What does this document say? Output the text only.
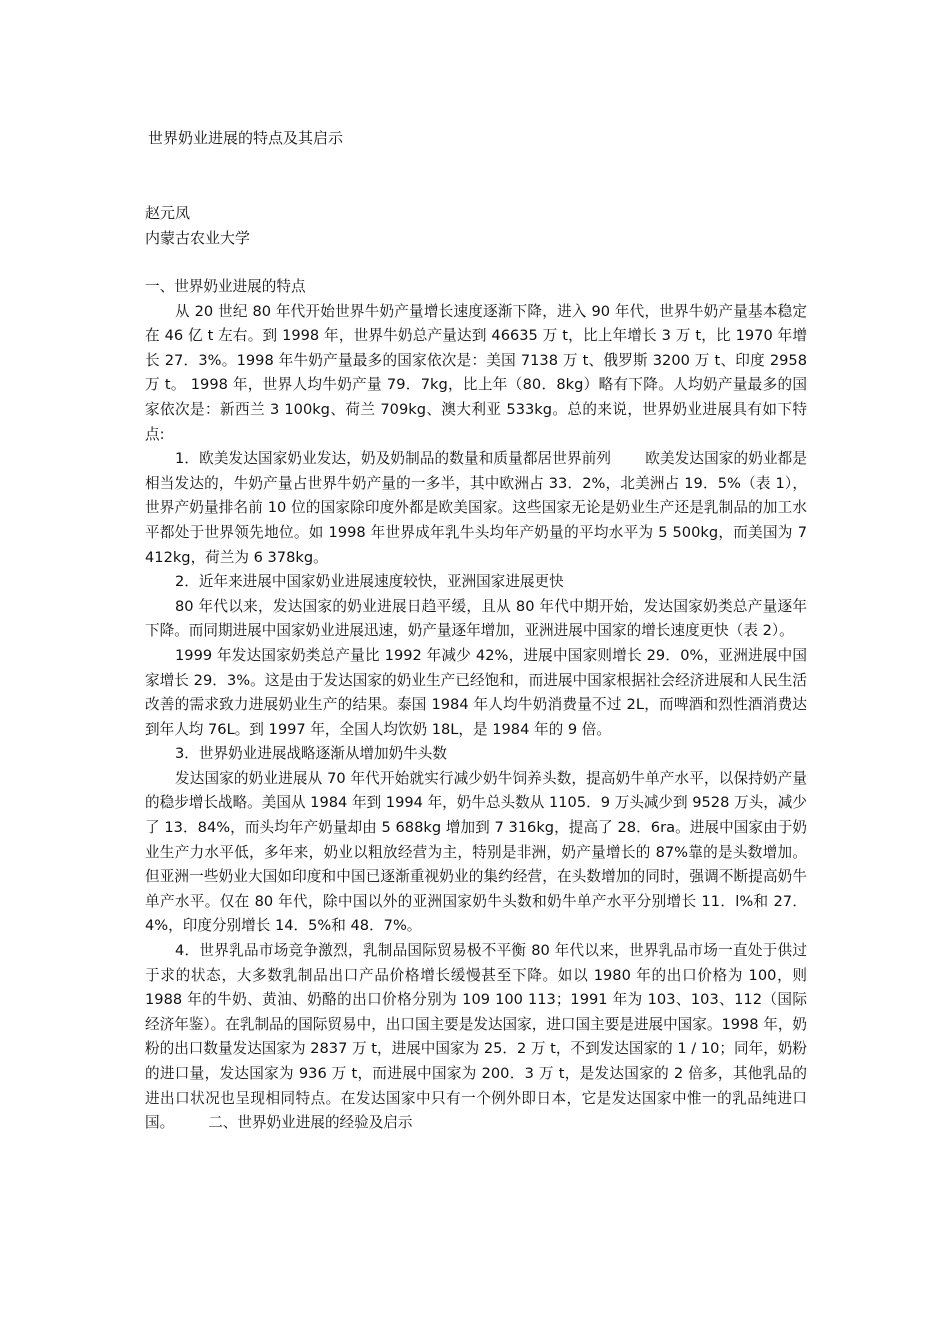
世界奶业进展的特点及其启示
赵元凤
内蒙古农业大学

一、世界奶业进展的特点

从 20 世纪 80 年代开始世界牛奶产量增长速度逐渐下降，进入 90 年代，世界牛奶产量基本稳定在 46 亿 t 左右。到 1998 年，世界牛奶总产量达到 46635 万 t，比上年增长 3 万 t，比 1970 年增长 27．3%。1998 年牛奶产量最多的国家依次是：美国 7138 万 t、俄罗斯 3200 万 t、印度 2958 万 t。 1998 年，世界人均牛奶产量 79．7kg，比上年（80．8kg）略有下降。人均奶产量最多的国家依次是：新西兰 3 100kg、荷兰 709kg、澳大利亚 533kg。总的来说，世界奶业进展具有如下特点:

1．欧美发达国家奶业发达，奶及奶制品的数量和质量都居世界前列 欧美发达国家的奶业都是相当发达的，牛奶产量占世界牛奶产量的一多半，其中欧洲占 33．2%，北美洲占 19．5%（表 1），世界产奶量排名前 10 位的国家除印度外都是欧美国家。这些国家无论是奶业生产还是乳制品的加工水平都处于世界领先地位。如 1998 年世界成年乳牛头均年产奶量的平均水平为 5 500kg，而美国为 7 412kg，荷兰为 6 378kg。

2．近年来进展中国家奶业进展速度较快，亚洲国家进展更快

80 年代以来，发达国家的奶业进展日趋平缓，且从 80 年代中期开始，发达国家奶类总产量逐年下降。而同期进展中国家奶业进展迅速，奶产量逐年增加，亚洲进展中国家的增长速度更快（表 2）。

1999 年发达国家奶类总产量比 1992 年减少 42%，进展中国家则增长 29．0%，亚洲进展中国家增长 29．3%。这是由于发达国家的奶业生产已经饱和，而进展中国家根据社会经济进展和人民生活改善的需求致力进展奶业生产的结果。泰国 1984 年人均牛奶消费量不过 2L，而啤酒和烈性酒消费达到年人均 76L。到 1997 年，全国人均饮奶 18L，是 1984 年的 9 倍。

3．世界奶业进展战略逐渐从增加奶牛头数

发达国家的奶业进展从 70 年代开始就实行减少奶牛饲养头数，提高奶牛单产水平，以保持奶产量的稳步增长战略。美国从 1984 年到 1994 年，奶牛总头数从 1105．9 万头减少到 9528 万头，减少了 13．84%，而头均年产奶量却由 5 688kg 增加到 7 316kg，提高了 28．6ra。进展中国家由于奶业生产力水平低，多年来，奶业以粗放经营为主，特别是非洲，奶产量增长的 87%靠的是头数增加。但亚洲一些奶业大国如印度和中国已逐渐重视奶业的集约经营，在头数增加的同时，强调不断提高奶牛单产水平。仅在 80 年代，除中国以外的亚洲国家奶牛头数和奶牛单产水平分别增长 11．l%和 27．4%，印度分别增长 14．5%和 48．7%。

4．世界乳品市场竞争激烈，乳制品国际贸易极不平衡 80 年代以来，世界乳品市场一直处于供过于求的状态，大多数乳制品出口产品价格增长缓慢甚至下降。如以 1980 年的出口价格为 100，则 1988 年的牛奶、黄油、奶酪的出口价格分别为 109 100 113；1991 年为 103、103、112（国际经济年鉴）。在乳制品的国际贸易中，出口国主要是发达国家，进口国主要是进展中国家。1998 年，奶粉的出口数量发达国家为 2837 万 t，进展中国家为 25．2 万 t，不到发达国家的 1 / 10；同年，奶粉的进口量，发达国家为 936 万 t，而进展中国家为 200．3 万 t，是发达国家的 2 倍多，其他乳品的进出口状况也呈现相同特点。在发达国家中只有一个例外即日本，它是发达国家中惟一的乳品纯进口国。 二、世界奶业进展的经验及启示
